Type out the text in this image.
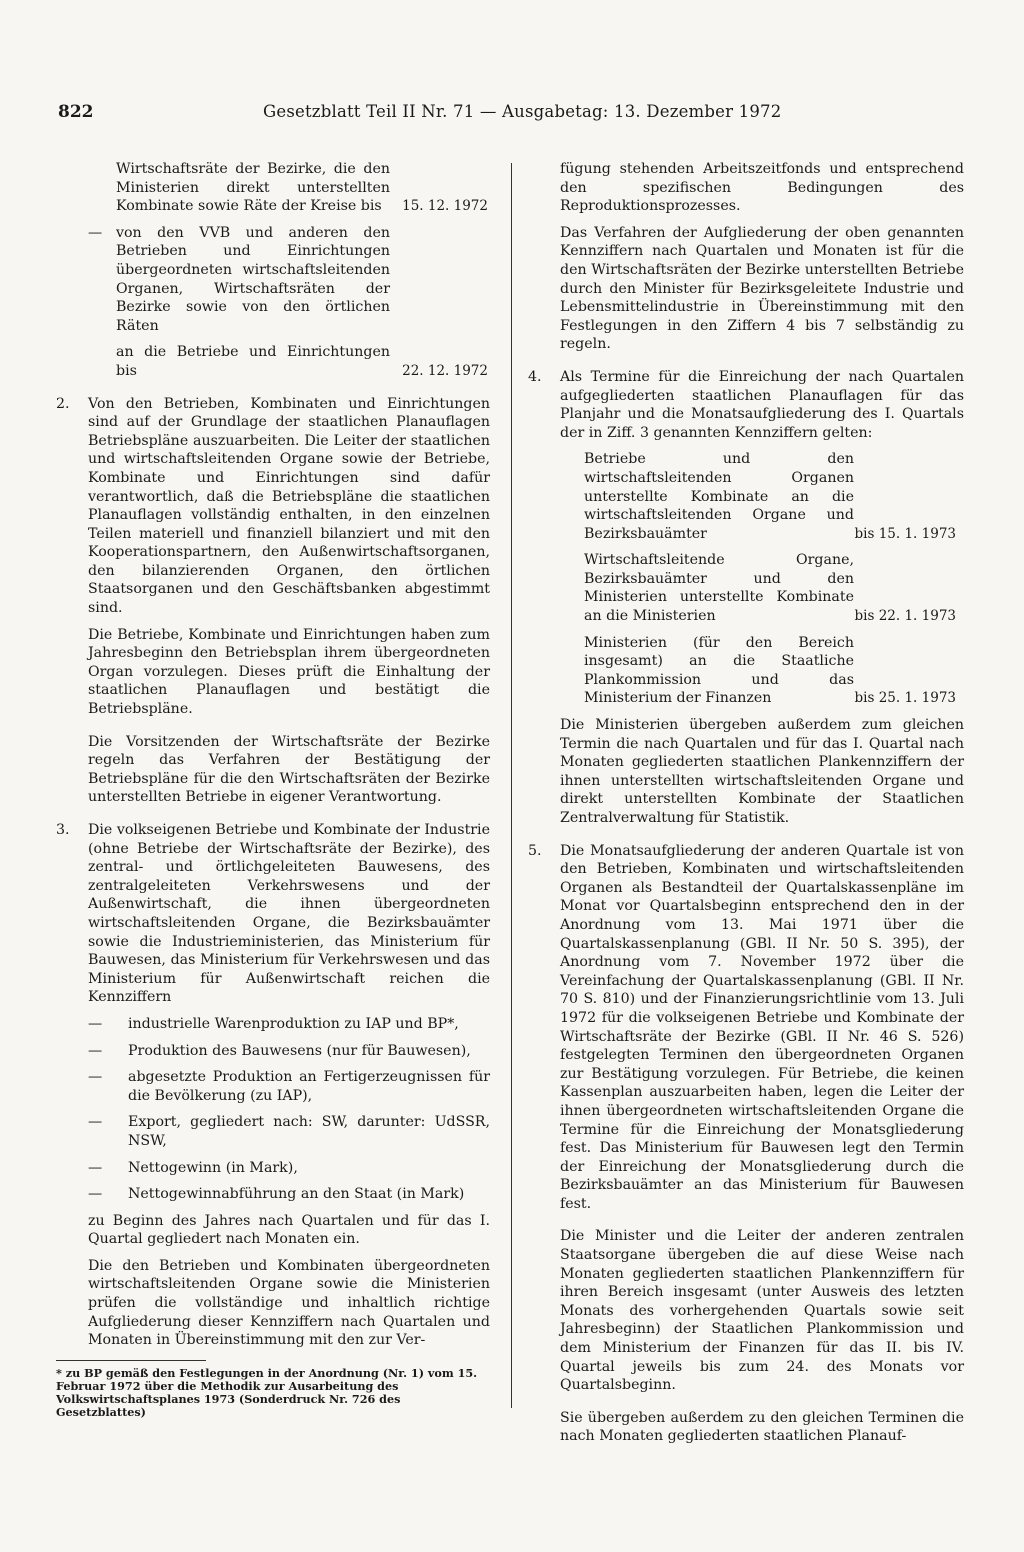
822	Gesetzblatt Teil II Nr. 71 — Ausgabetag: 13. Dezember 1972
Wirtschaftsräte der Bezirke, die den Ministerien direkt unterstellten Kombinate sowie Räte der Kreise bis	15. 12. 1972
— von den VVB und anderen den Betrieben und Einrichtungen übergeordneten wirtschaftsleitenden Organen, Wirtschaftsräten der Bezirke sowie von den örtlichen Räten
an die Betriebe und Einrichtungen bis	22. 12. 1972
2. Von den Betrieben, Kombinaten und Einrichtungen sind auf der Grundlage der staatlichen Planauflagen Betriebspläne auszuarbeiten. Die Leiter der staatlichen und wirtschaftsleitenden Organe sowie der Betriebe, Kombinate und Einrichtungen sind dafür verantwortlich, daß die Betriebspläne die staatlichen Planauflagen vollständig enthalten, in den einzelnen Teilen materiell und finanziell bilanziert und mit den Kooperationspartnern, den Außenwirtschaftsorganen, den bilanzierenden Organen, den örtlichen Staatsorganen und den Geschäftsbanken abgestimmt sind.
Die Betriebe, Kombinate und Einrichtungen haben zum Jahresbeginn den Betriebsplan ihrem übergeordneten Organ vorzulegen. Dieses prüft die Einhaltung der staatlichen Planauflagen und bestätigt die Betriebspläne.
Die Vorsitzenden der Wirtschaftsräte der Bezirke regeln das Verfahren der Bestätigung der Betriebspläne für die den Wirtschaftsräten der Bezirke unterstellten Betriebe in eigener Verantwortung.
3. Die volkseigenen Betriebe und Kombinate der Industrie (ohne Betriebe der Wirtschaftsräte der Bezirke), des zentral- und örtlichgeleiteten Bauwesens, des zentralgeleiteten Verkehrswesens und der Außenwirtschaft, die ihnen übergeordneten wirtschaftsleitenden Organe, die Bezirksbauämter sowie die Industrieministerien, das Ministerium für Bauwesen, das Ministerium für Verkehrswesen und das Ministerium für Außenwirtschaft reichen die Kennziffern
— industrielle Warenproduktion zu IAP und BP*,
— Produktion des Bauwesens (nur für Bauwesen),
— abgesetzte Produktion an Fertigerzeugnissen für die Bevölkerung (zu IAP),
— Export, gegliedert nach: SW, darunter: UdSSR, NSW,
— Nettogewinn (in Mark),
— Nettogewinnabführung an den Staat (in Mark)
zu Beginn des Jahres nach Quartalen und für das I. Quartal gegliedert nach Monaten ein.
Die den Betrieben und Kombinaten übergeordneten wirtschaftsleitenden Organe sowie die Ministerien prüfen die vollständige und inhaltlich richtige Aufgliederung dieser Kennziffern nach Quartalen und Monaten in Übereinstimmung mit den zur Ver-
* zu BP gemäß den Festlegungen in der Anordnung (Nr. 1) vom 15. Februar 1972 über die Methodik zur Ausarbeitung des Volkswirtschaftsplanes 1973 (Sonderdruck Nr. 726 des Gesetzblattes)
fügung stehenden Arbeitszeitfonds und entsprechend den spezifischen Bedingungen des Reproduktionsprozesses.
Das Verfahren der Aufgliederung der oben genannten Kennziffern nach Quartalen und Monaten ist für die den Wirtschaftsräten der Bezirke unterstellten Betriebe durch den Minister für Bezirksgeleitete Industrie und Lebensmittelindustrie in Übereinstimmung mit den Festlegungen in den Ziffern 4 bis 7 selbständig zu regeln.
4. Als Termine für die Einreichung der nach Quartalen aufgegliederten staatlichen Planauflagen für das Planjahr und die Monatsaufgliederung des I. Quartals der in Ziff. 3 genannten Kennziffern gelten:
Betriebe und den wirtschaftsleitenden Organen unterstellte Kombinate an die wirtschaftsleitenden Organe und Bezirksbauämter	bis 15. 1. 1973
Wirtschaftsleitende Organe, Bezirksbauämter und den Ministerien unterstellte Kombinate an die Ministerien	bis 22. 1. 1973
Ministerien (für den Bereich insgesamt) an die Staatliche Plankommission und das Ministerium der Finanzen	bis 25. 1. 1973
Die Ministerien übergeben außerdem zum gleichen Termin die nach Quartalen und für das I. Quartal nach Monaten gegliederten staatlichen Plankennziffern der ihnen unterstellten wirtschaftsleitenden Organe und direkt unterstellten Kombinate der Staatlichen Zentralverwaltung für Statistik.
5. Die Monatsaufgliederung der anderen Quartale ist von den Betrieben, Kombinaten und wirtschaftsleitenden Organen als Bestandteil der Quartalskassenpläne im Monat vor Quartalsbeginn entsprechend den in der Anordnung vom 13. Mai 1971 über die Quartalskassenplanung (GBl. II Nr. 50 S. 395), der Anordnung vom 7. November 1972 über die Vereinfachung der Quartalskassenplanung (GBl. II Nr. 70 S. 810) und der Finanzierungsrichtlinie vom 13. Juli 1972 für die volkseigenen Betriebe und Kombinate der Wirtschaftsräte der Bezirke (GBl. II Nr. 46 S. 526) festgelegten Terminen den übergeordneten Organen zur Bestätigung vorzulegen. Für Betriebe, die keinen Kassenplan auszuarbeiten haben, legen die Leiter der ihnen übergeordneten wirtschaftsleitenden Organe die Termine für die Einreichung der Monatsgliederung fest. Das Ministerium für Bauwesen legt den Termin der Einreichung der Monatsgliederung durch die Bezirksbauämter an das Ministerium für Bauwesen fest.
Die Minister und die Leiter der anderen zentralen Staatsorgane übergeben die auf diese Weise nach Monaten gegliederten staatlichen Plankennziffern für ihren Bereich insgesamt (unter Ausweis des letzten Monats des vorhergehenden Quartals sowie seit Jahresbeginn) der Staatlichen Plankommission und dem Ministerium der Finanzen für das II. bis IV. Quartal jeweils bis zum 24. des Monats vor Quartalsbeginn.
Sie übergeben außerdem zu den gleichen Terminen die nach Monaten gegliederten staatlichen Planauf-
